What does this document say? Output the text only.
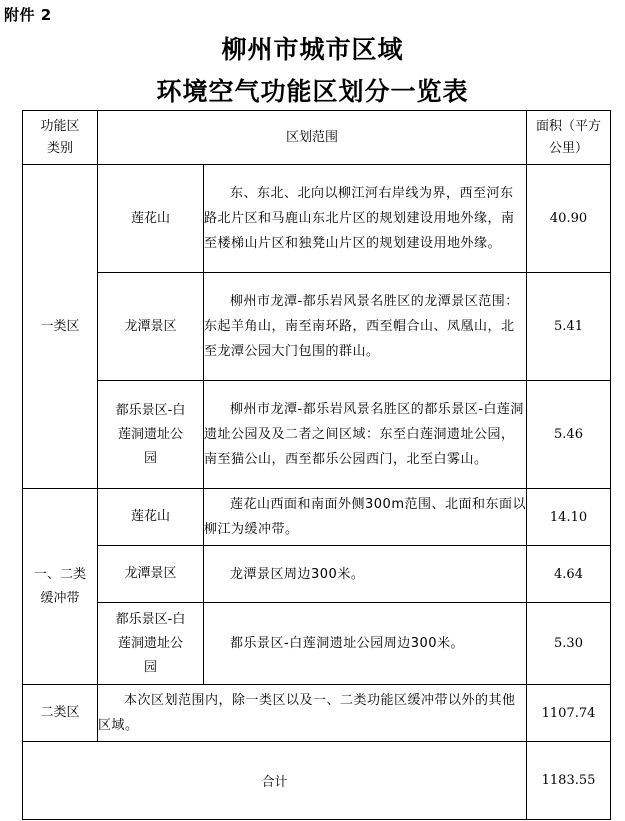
附件 2
柳州市城市区域
环境空气功能区划分一览表
功能区类别	区划范围		面积（平方公里）
一类区	莲花山	东、东北、北向以柳江河右岸线为界，西至河东路北片区和马鹿山东北片区的规划建设用地外缘，南至楼梯山片区和独凳山片区的规划建设用地外缘。	40.90
	龙潭景区	柳州市龙潭-都乐岩风景名胜区的龙潭景区范围：东起羊角山，南至南环路，西至帽合山、凤凰山，北至龙潭公园大门包围的群山。	5.41
	都乐景区-白莲洞遗址公园	柳州市龙潭-都乐岩风景名胜区的都乐景区-白莲洞遗址公园及及二者之间区域：东至白莲洞遗址公园，南至猫公山，西至都乐公园西门，北至白雾山。	5.46
一、二类缓冲带	莲花山	莲花山西面和南面外侧300m范围、北面和东面以柳江为缓冲带。	14.10
	龙潭景区	龙潭景区周边300米。	4.64
	都乐景区-白莲洞遗址公园	都乐景区-白莲洞遗址公园周边300米。	5.30
二类区	本次区划范围内，除一类区以及一、二类功能区缓冲带以外的其他区域。		1107.74
合计			1183.55
